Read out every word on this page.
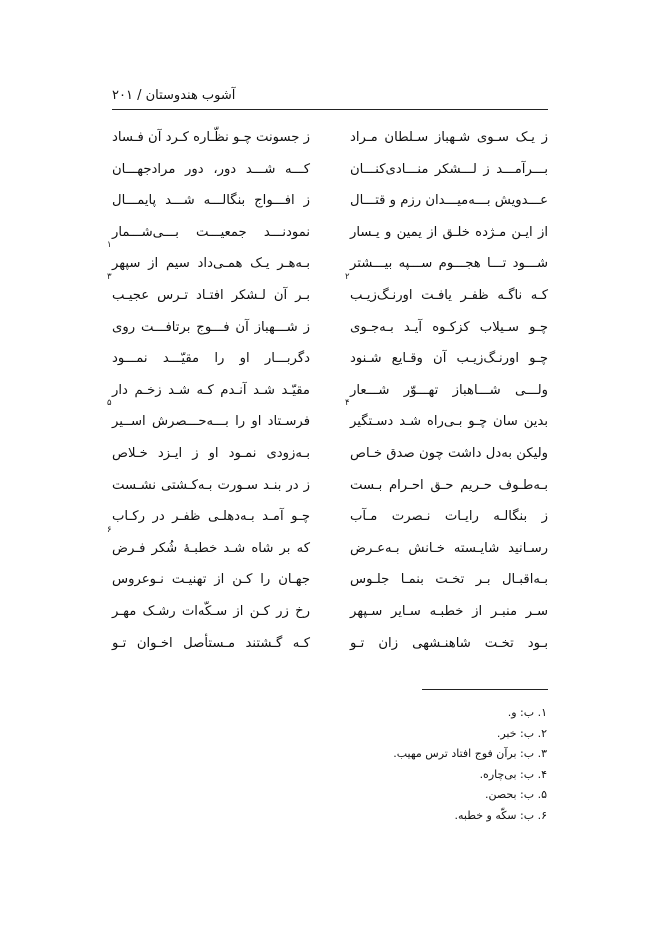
آشوب هندوستان / ۲۰۱
ز یـک سـوی شـهباز سـلطان مـراد
ز جسونت چـو نظّـاره کـرد آن فـساد
بـــرآمـــد ز لـــشکر منـــادی‌کنـــان
کـــه شـــد دور، دور مرادجهـــان
عـــدویش بـــه‌میـــدان رزم و قتـــال
ز افـــواج بنگالـــه شـــد پایمـــال
از ایـن مـژده خلـق از یمین و یـسار
نمودنـــد جمعیـــت بـــی‌شـــمار
شـــود تـــا هجـــوم ســـپه بیـــشتر
بـه‌هـر یـک همـی‌داد سیم از سپهر
۱
کـه ناگـه ظفـر یافـت اورنـگ‌زیـب
۲
بـر آن لـشکر افتـاد تـرس عجیـب
۳
چـو سـیلاب کزکـوه آیـد بـه‌جـوی
ز شـــهباز آن فـــوج برتافـــت روی
چـو اورنـگ‌زیـب آن وقـایع شـنود
دگربـــار او را مقیّـــد نمـــود
ولـــی شـــاهباز تهـــوّر شـــعار
مقیّـد شـد آنـدم کـه شـد زخـم دار
بدین سان چـو بـی‌راه شـد دسـتگیر
۴
فرسـتاد او را بـــه‌حـــصرش اســیر
۵
ولیکن به‌دل داشت چون صدق خـاص
بـه‌زودی نمـود او ز ایـزد خـلاص
بـه‌طـوف حـریم حـق احـرام بـست
ز در بنـد سـورت بـه‌کـشتی نشـست
ز بنگالـه رایـات نـصرت مـآب
چـو آمـد بـه‌دهلـی ظفـر در رکـاب
رسـانید شایـسته خـانش بـه‌عـرض
که بر شاه شـد خطبـهٔ شُکر فـرض
۶
بـه‌اقبـال بـر تخـت بنمـا جلـوس
جهـان را کـن از تهنیـت نـوعروس
سـر منبـر از خطبـه سـایر سـپهر
رخ زر کـن از سـکّه‌ات رشـک مهـر
بـود تخـت شاهنـشهی زان تـو
کـه گـشتند مـستأصل اخـوان تـو
۱. ب: و.
۲. ب: خبر.
۳. ب: برآن فوج افتاد ترس مهیب.
۴. ب: بی‌چاره.
۵. ب: بحصن.
۶. ب: سکّه و خطبه.
